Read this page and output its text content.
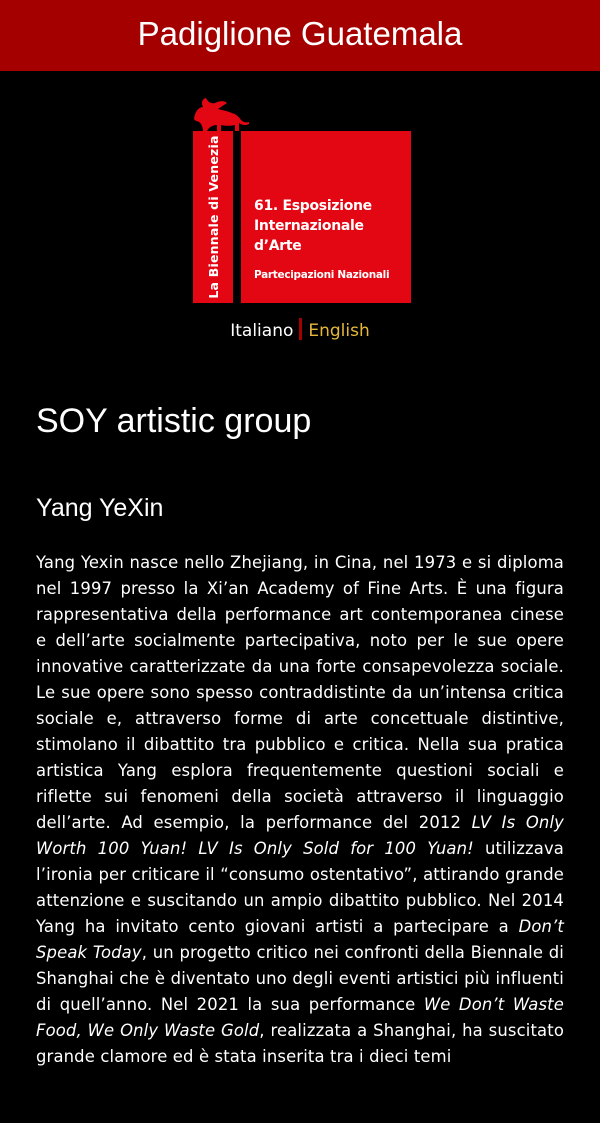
Padiglione Guatemala
La Biennale di Venezia	61. Esposizione
Internazionale
d’Arte
Partecipazioni Nazionali
Italiano English
SOY artistic group
Yang YeXin

Yang Yexin nasce nello Zhejiang, in Cina, nel 1973 e si diploma nel 1997 presso la Xi’an Academy of Fine Arts. È una figura rappresentativa della performance art contemporanea cinese e dell’arte socialmente partecipativa, noto per le sue opere innovative caratterizzate da una forte consapevolezza sociale. Le sue opere sono spesso contraddistinte da un’intensa critica sociale e, attraverso forme di arte concettuale distintive, stimolano il dibattito tra pubblico e critica. Nella sua pratica artistica Yang esplora frequentemente questioni sociali e riflette sui fenomeni della società attraverso il linguaggio dell’arte. Ad esempio, la performance del 2012 LV Is Only Worth 100 Yuan! LV Is Only Sold for 100 Yuan! utilizzava l’ironia per criticare il “consumo ostentativo”, attirando grande attenzione e suscitando un ampio dibattito pubblico. Nel 2014 Yang ha invitato cento giovani artisti a partecipare a Don’t Speak Today, un progetto critico nei confronti della Biennale di Shanghai che è diventato uno degli eventi artistici più influenti di quell’anno. Nel 2021 la sua performance We Don’t Waste Food, We Only Waste Gold, realizzata a Shanghai, ha suscitato grande clamore ed è stata inserita tra i dieci temi
